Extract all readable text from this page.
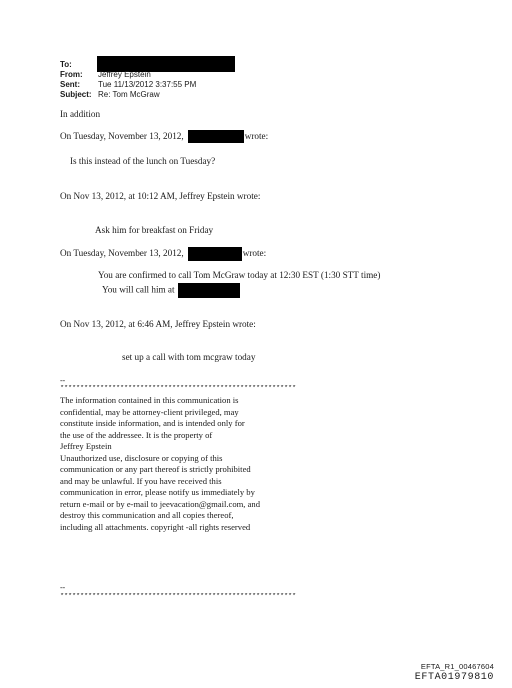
To:
From: Jeffrey Epstein
Sent: Tue 11/13/2012 3:37:55 PM
Subject: Re: Tom McGraw
In addition
On Tuesday, November 13, 2012,	wrote:
Is this instead of the lunch on Tuesday?
On Nov 13, 2012, at 10:12 AM, Jeffrey Epstein wrote:
Ask him for breakfast on Friday
On Tuesday, November 13, 2012,	wrote:
You are confirmed to call Tom McGraw today at 12:30 EST (1:30 STT time)
You will call him at
On Nov 13, 2012, at 6:46 AM, Jeffrey Epstein wrote:
set up a call with tom mcgraw today
--
***********************************************************
The information contained in this communication is
confidential, may be attorney-client privileged, may
constitute inside information, and is intended only for
the use of the addressee. It is the property of
Jeffrey Epstein
Unauthorized use, disclosure or copying of this
communication or any part thereof is strictly prohibited
and may be unlawful. If you have received this
communication in error, please notify us immediately by
return e-mail or by e-mail to jeevacation@gmail.com, and
destroy this communication and all copies thereof,
including all attachments. copyright -all rights reserved
--
***********************************************************
EFTA_R1_00467604
EFTA01979810
